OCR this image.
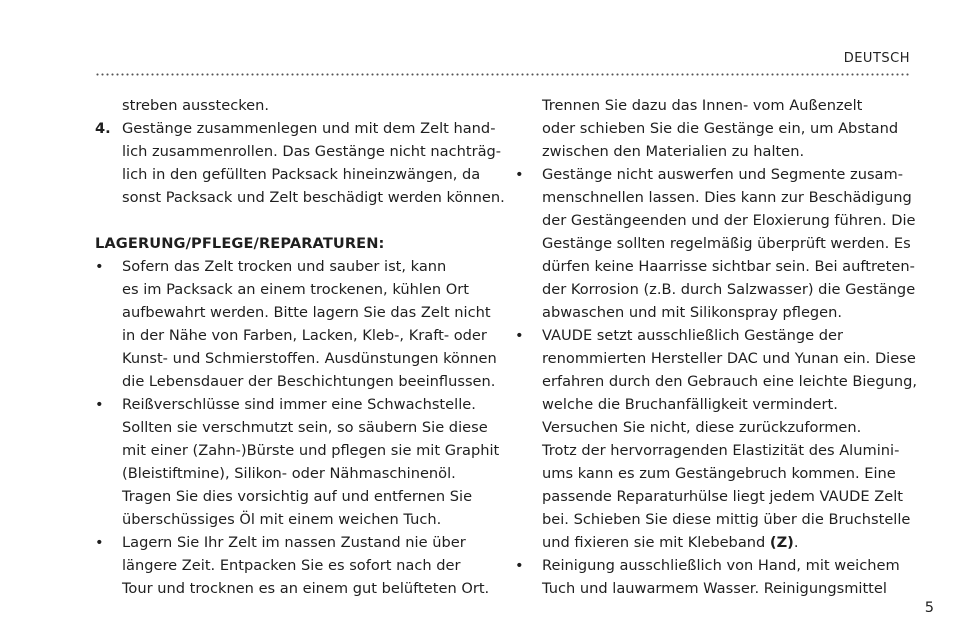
DEUTSCH
streben ausstecken.
4. Gestänge zusammenlegen und mit dem Zelt hand-
lich zusammenrollen. Das Gestänge nicht nachträg-
lich in den gefüllten Packsack hineinzwängen, da
sonst Packsack und Zelt beschädigt werden können.
LAGERUNG/PFLEGE/REPARATUREN:
• Sofern das Zelt trocken und sauber ist, kann
es im Packsack an einem trockenen, kühlen Ort
aufbewahrt werden. Bitte lagern Sie das Zelt nicht
in der Nähe von Farben, Lacken, Kleb-, Kraft- oder
Kunst- und Schmierstoffen. Ausdünstungen können
die Lebensdauer der Beschichtungen beeinflussen.
• Reißverschlüsse sind immer eine Schwachstelle.
Sollten sie verschmutzt sein, so säubern Sie diese
mit einer (Zahn-)Bürste und pflegen sie mit Graphit
(Bleistiftmine), Silikon- oder Nähmaschinenöl.
Tragen Sie dies vorsichtig auf und entfernen Sie
überschüssiges Öl mit einem weichen Tuch.
• Lagern Sie Ihr Zelt im nassen Zustand nie über
längere Zeit. Entpacken Sie es sofort nach der
Tour und trocknen es an einem gut belüfteten Ort.
Trennen Sie dazu das Innen- vom Außenzelt
oder schieben Sie die Gestänge ein, um Abstand
zwischen den Materialien zu halten.
• Gestänge nicht auswerfen und Segmente zusam-
menschnellen lassen. Dies kann zur Beschädigung
der Gestängeenden und der Eloxierung führen. Die
Gestänge sollten regelmäßig überprüft werden. Es
dürfen keine Haarrisse sichtbar sein. Bei auftreten-
der Korrosion (z.B. durch Salzwasser) die Gestänge
abwaschen und mit Silikonspray pflegen.
• VAUDE setzt ausschließlich Gestänge der
renommierten Hersteller DAC und Yunan ein. Diese
erfahren durch den Gebrauch eine leichte Biegung,
welche die Bruchanfälligkeit vermindert.
Versuchen Sie nicht, diese zurückzuformen.
Trotz der hervorragenden Elastizität des Alumini-
ums kann es zum Gestängebruch kommen. Eine
passende Reparaturhülse liegt jedem VAUDE Zelt
bei. Schieben Sie diese mittig über die Bruchstelle
und fixieren sie mit Klebeband (Z).
• Reinigung ausschließlich von Hand, mit weichem
Tuch und lauwarmem Wasser. Reinigungsmittel
5
